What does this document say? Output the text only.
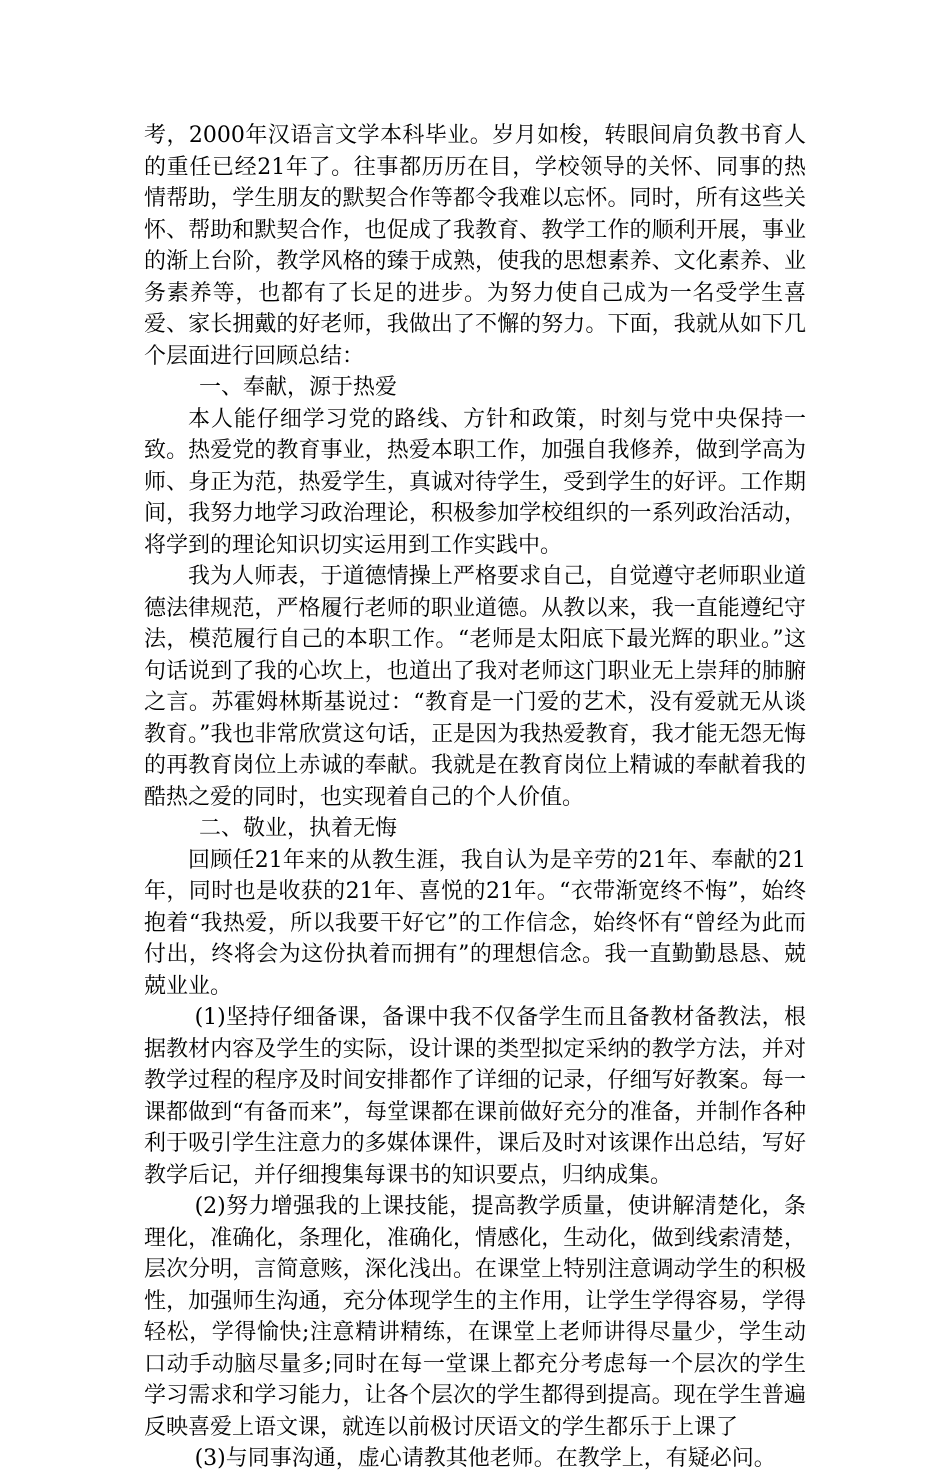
考，2000年汉语言文学本科毕业。岁月如梭，转眼间肩负教书育人的重任已经21年了。往事都历历在目，学校领导的关怀、同事的热情帮助，学生朋友的默契合作等都令我难以忘怀。同时，所有这些关怀、帮助和默契合作，也促成了我教育、教学工作的顺利开展，事业的渐上台阶，教学风格的臻于成熟，使我的思想素养、文化素养、业务素养等，也都有了长足的进步。为努力使自己成为一名受学生喜爱、家长拥戴的好老师，我做出了不懈的努力。下面，我就从如下几个层面进行回顾总结：

一、奉献，源于热爱

本人能仔细学习党的路线、方针和政策，时刻与党中央保持一致。热爱党的教育事业，热爱本职工作，加强自我修养，做到学高为师、身正为范，热爱学生，真诚对待学生，受到学生的好评。工作期间，我努力地学习政治理论，积极参加学校组织的一系列政治活动，将学到的理论知识切实运用到工作实践中。

我为人师表，于道德情操上严格要求自己，自觉遵守老师职业道德法律规范，严格履行老师的职业道德。从教以来，我一直能遵纪守法，模范履行自己的本职工作。“老师是太阳底下最光辉的职业。”这句话说到了我的心坎上，也道出了我对老师这门职业无上崇拜的肺腑之言。苏霍姆林斯基说过：“教育是一门爱的艺术，没有爱就无从谈教育。”我也非常欣赏这句话，正是因为我热爱教育，我才能无怨无悔的再教育岗位上赤诚的奉献。我就是在教育岗位上精诚的奉献着我的酷热之爱的同时，也实现着自己的个人价值。

二、敬业，执着无悔

回顾任21年来的从教生涯，我自认为是辛劳的21年、奉献的21年，同时也是收获的21年、喜悦的21年。“衣带渐宽终不悔”，始终抱着“我热爱，所以我要干好它”的工作信念，始终怀有“曾经为此而付出，终将会为这份执着而拥有”的理想信念。我一直勤勤恳恳、兢兢业业。

(1)坚持仔细备课，备课中我不仅备学生而且备教材备教法，根据教材内容及学生的实际，设计课的类型拟定采纳的教学方法，并对教学过程的程序及时间安排都作了详细的记录，仔细写好教案。每一课都做到“有备而来”，每堂课都在课前做好充分的准备，并制作各种利于吸引学生注意力的多媒体课件，课后及时对该课作出总结，写好教学后记，并仔细搜集每课书的知识要点，归纳成集。

(2)努力增强我的上课技能，提高教学质量，使讲解清楚化，条理化，准确化，条理化，准确化，情感化，生动化，做到线索清楚，层次分明，言简意赅，深化浅出。在课堂上特别注意调动学生的积极性，加强师生沟通，充分体现学生的主作用，让学生学得容易，学得轻松，学得愉快;注意精讲精练，在课堂上老师讲得尽量少，学生动口动手动脑尽量多;同时在每一堂课上都充分考虑每一个层次的学生学习需求和学习能力，让各个层次的学生都得到提高。现在学生普遍反映喜爱上语文课，就连以前极讨厌语文的学生都乐于上课了

(3)与同事沟通，虚心请教其他老师。在教学上，有疑必问。
